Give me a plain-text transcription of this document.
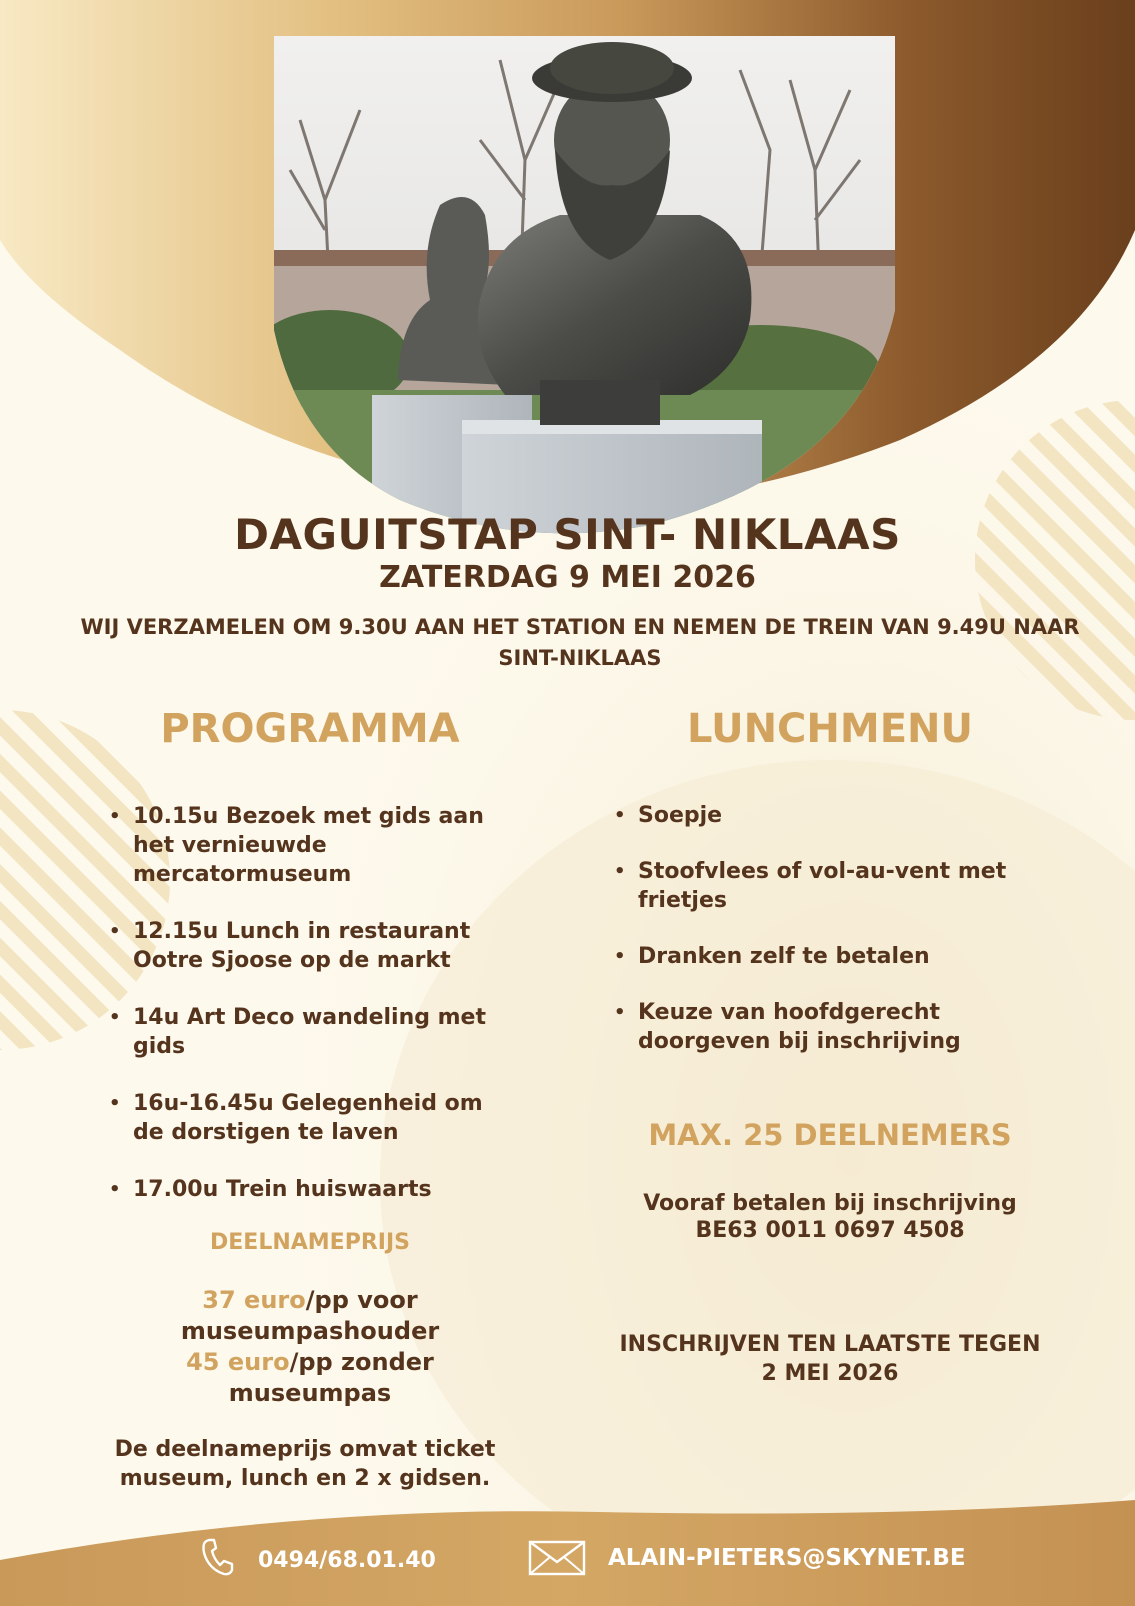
DAGUITSTAP SINT- NIKLAAS
ZATERDAG 9 MEI 2026
WIJ VERZAMELEN OM 9.30U AAN HET STATION EN NEMEN DE TREIN VAN 9.49U NAAR SINT-NIKLAAS
PROGRAMMA	LUNCHMENU
• 10.15u Bezoek met gids aan het vernieuwde mercatormuseum
• 12.15u Lunch in restaurant Ootre Sjoose op de markt
• 14u Art Deco wandeling met gids
• 16u-16.45u Gelegenheid om de dorstigen te laven
• 17.00u Trein huiswaarts
• Soepje
• Stoofvlees of vol-au-vent met frietjes
• Dranken zelf te betalen
• Keuze van hoofdgerecht doorgeven bij inschrijving
DEELNAMEPRIJS
37 euro/pp voor
museumpashouder
45 euro/pp zonder
museumpas
De deelnameprijs omvat ticket museum, lunch en 2 x gidsen.
MAX. 25 DEELNEMERS
Vooraf betalen bij inschrijving
BE63 0011 0697 4508
INSCHRIJVEN TEN LAATSTE TEGEN
2 MEI 2026
0494/68.01.40	ALAIN-PIETERS@SKYNET.BE
